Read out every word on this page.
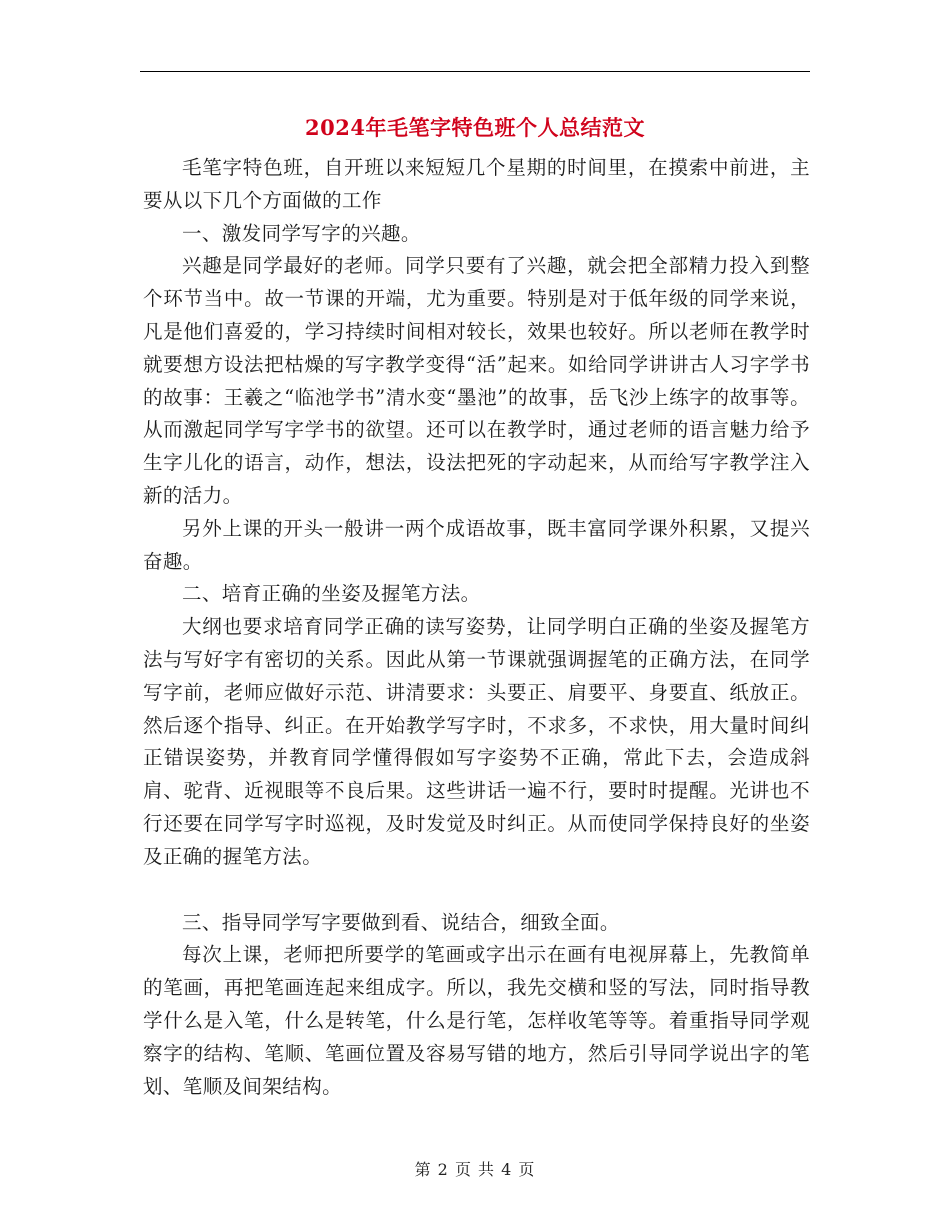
2024年毛笔字特色班个人总结范文

毛笔字特色班，自开班以来短短几个星期的时间里，在摸索中前进，主要从以下几个方面做的工作

一、激发同学写字的兴趣。

兴趣是同学最好的老师。同学只要有了兴趣，就会把全部精力投入到整个环节当中。故一节课的开端，尤为重要。特别是对于低年级的同学来说，凡是他们喜爱的，学习持续时间相对较长，效果也较好。所以老师在教学时就要想方设法把枯燥的写字教学变得“活”起来。如给同学讲讲古人习字学书的故事：王羲之“临池学书”清水变“墨池”的故事，岳飞沙上练字的故事等。从而激起同学写字学书的欲望。还可以在教学时，通过老师的语言魅力给予生字儿化的语言，动作，想法，设法把死的字动起来，从而给写字教学注入新的活力。

另外上课的开头一般讲一两个成语故事，既丰富同学课外积累，又提兴奋趣。

二、培育正确的坐姿及握笔方法。

大纲也要求培育同学正确的读写姿势，让同学明白正确的坐姿及握笔方法与写好字有密切的关系。因此从第一节课就强调握笔的正确方法，在同学写字前，老师应做好示范、讲清要求：头要正、肩要平、身要直、纸放正。然后逐个指导、纠正。在开始教学写字时，不求多，不求快，用大量时间纠正错误姿势，并教育同学懂得假如写字姿势不正确，常此下去，会造成斜肩、驼背、近视眼等不良后果。这些讲话一遍不行，要时时提醒。光讲也不行还要在同学写字时巡视，及时发觉及时纠正。从而使同学保持良好的坐姿及正确的握笔方法。

三、指导同学写字要做到看、说结合，细致全面。

每次上课，老师把所要学的笔画或字出示在画有电视屏幕上，先教简单的笔画，再把笔画连起来组成字。所以，我先交横和竖的写法，同时指导教学什么是入笔，什么是转笔，什么是行笔，怎样收笔等等。着重指导同学观察字的结构、笔顺、笔画位置及容易写错的地方，然后引导同学说出字的笔划、笔顺及间架结构。

第 2 页 共 4 页
